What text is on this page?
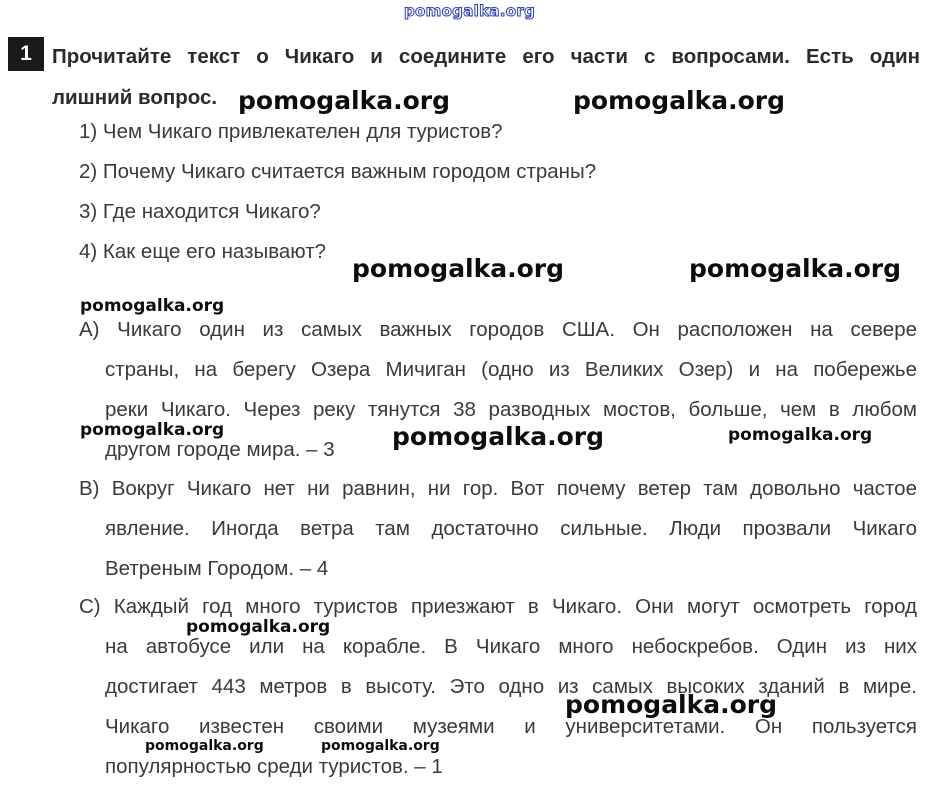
pomogalka.org
1 Прочитайте текст о Чикаго и соедините его части с вопросами. Есть один
лишний вопрос.
1) Чем Чикаго привлекателен для туристов?
2) Почему Чикаго считается важным городом страны?
3) Где находится Чикаго?
4) Как еще его называют?
A) Чикаго один из самых важных городов США. Он расположен на севере
страны, на берегу Озера Мичиган (одно из Великих Озер) и на побережье
реки Чикаго. Через реку тянутся 38 разводных мостов, больше, чем в любом
другом городе мира. – 3
B) Вокруг Чикаго нет ни равнин, ни гор. Вот почему ветер там довольно частое
явление. Иногда ветра там достаточно сильные. Люди прозвали Чикаго
Ветреным Городом. – 4
C) Каждый год много туристов приезжают в Чикаго. Они могут осмотреть город
на автобусе или на корабле. В Чикаго много небоскребов. Один из них
достигает 443 метров в высоту. Это одно из самых высоких зданий в мире.
Чикаго известен своими музеями и университетами. Он пользуется
популярностью среди туристов. – 1
pomogalka.org	pomogalka.org
pomogalka.org	pomogalka.org
pomogalka.org
pomogalka.org	pomogalka.org	pomogalka.org
pomogalka.org
pomogalka.org
pomogalka.org	pomogalka.org
